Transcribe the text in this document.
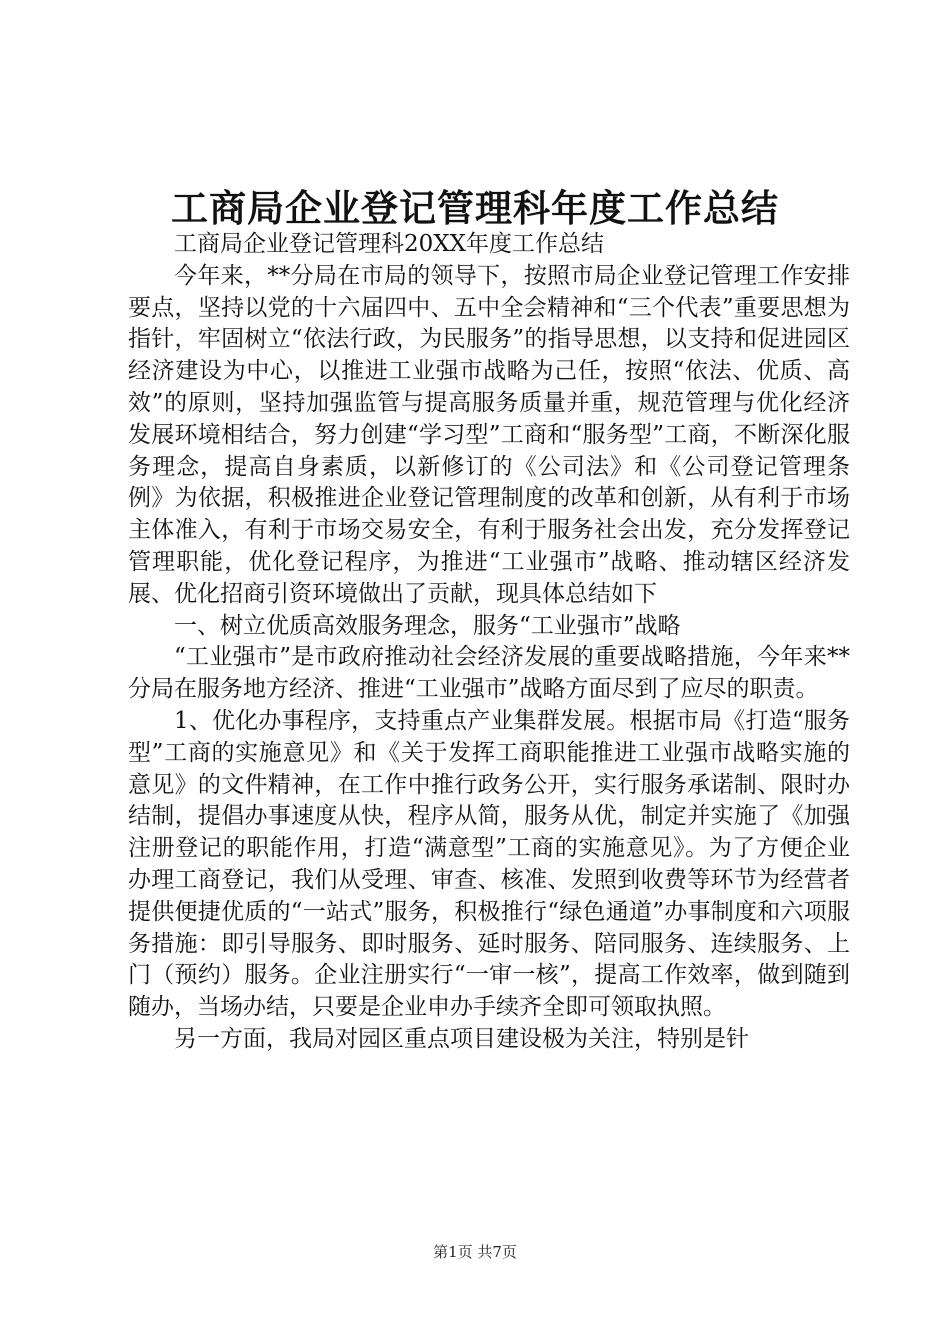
工商局企业登记管理科年度工作总结

工商局企业登记管理科20XX年度工作总结

今年来，**分局在市局的领导下，按照市局企业登记管理工作安排要点，坚持以党的十六届四中、五中全会精神和“三个代表”重要思想为指针，牢固树立“依法行政，为民服务”的指导思想，以支持和促进园区经济建设为中心，以推进工业强市战略为己任，按照“依法、优质、高效”的原则，坚持加强监管与提高服务质量并重，规范管理与优化经济发展环境相结合，努力创建“学习型”工商和“服务型”工商，不断深化服务理念，提高自身素质，以新修订的《公司法》和《公司登记管理条例》为依据，积极推进企业登记管理制度的改革和创新，从有利于市场主体准入，有利于市场交易安全，有利于服务社会出发，充分发挥登记管理职能，优化登记程序，为推进“工业强市”战略、推动辖区经济发展、优化招商引资环境做出了贡献，现具体总结如下

一、树立优质高效服务理念，服务“工业强市”战略

“工业强市”是市政府推动社会经济发展的重要战略措施，今年来**分局在服务地方经济、推进“工业强市”战略方面尽到了应尽的职责。

1、优化办事程序，支持重点产业集群发展。根据市局《打造“服务型”工商的实施意见》和《关于发挥工商职能推进工业强市战略实施的意见》的文件精神，在工作中推行政务公开，实行服务承诺制、限时办结制，提倡办事速度从快，程序从简，服务从优，制定并实施了《加强注册登记的职能作用，打造“满意型”工商的实施意见》。为了方便企业办理工商登记，我们从受理、审查、核准、发照到收费等环节为经营者提供便捷优质的“一站式”服务，积极推行“绿色通道”办事制度和六项服务措施：即引导服务、即时服务、延时服务、陪同服务、连续服务、上门（预约）服务。企业注册实行“一审一核”，提高工作效率，做到随到随办，当场办结，只要是企业申办手续齐全即可领取执照。

另一方面，我局对园区重点项目建设极为关注，特别是针

第1页 共7页
